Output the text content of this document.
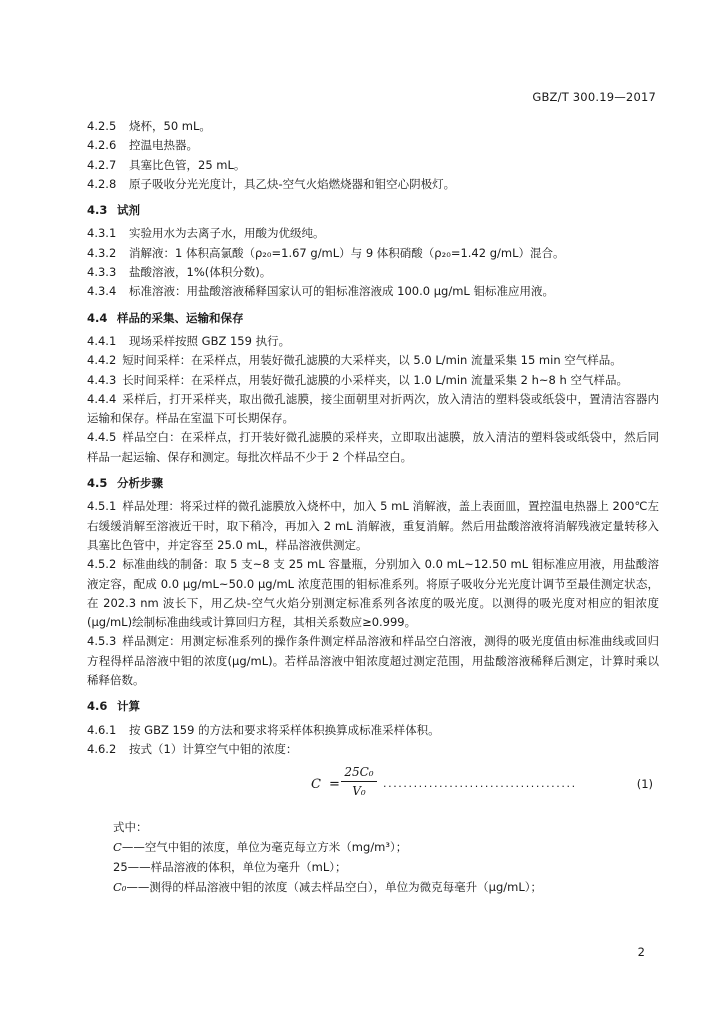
GBZ/T 300.19—2017
4.2.5 烧杯，50 mL。
4.2.6 控温电热器。
4.2.7 具塞比色管，25 mL。
4.2.8 原子吸收分光光度计，具乙炔-空气火焰燃烧器和钼空心阴极灯。
4.3 试剂
4.3.1 实验用水为去离子水，用酸为优级纯。
4.3.2 消解液：1 体积高氯酸（ρ₂₀=1.67 g/mL）与 9 体积硝酸（ρ₂₀=1.42 g/mL）混合。
4.3.3 盐酸溶液，1%(体积分数)。
4.3.4 标准溶液：用盐酸溶液稀释国家认可的钼标准溶液成 100.0 μg/mL 钼标准应用液。
4.4 样品的采集、运输和保存
4.4.1 现场采样按照 GBZ 159 执行。

4.4.2 短时间采样：在采样点，用装好微孔滤膜的大采样夹，以 5.0 L/min 流量采集 15 min 空气样品。

4.4.3 长时间采样：在采样点，用装好微孔滤膜的小采样夹，以 1.0 L/min 流量采集 2 h~8 h 空气样品。

4.4.4 采样后，打开采样夹，取出微孔滤膜，接尘面朝里对折两次，放入清洁的塑料袋或纸袋中，置清洁容器内运输和保存。样品在室温下可长期保存。

4.4.5 样品空白：在采样点，打开装好微孔滤膜的采样夹，立即取出滤膜，放入清洁的塑料袋或纸袋中，然后同样品一起运输、保存和测定。每批次样品不少于 2 个样品空白。

4.5 分析步骤

4.5.1 样品处理：将采过样的微孔滤膜放入烧杯中，加入 5 mL 消解液，盖上表面皿，置控温电热器上 200℃左右缓缓消解至溶液近干时，取下稍冷，再加入 2 mL 消解液，重复消解。然后用盐酸溶液将消解残液定量转移入具塞比色管中，并定容至 25.0 mL，样品溶液供测定。

4.5.2 标准曲线的制备：取 5 支~8 支 25 mL 容量瓶，分别加入 0.0 mL~12.50 mL 钼标准应用液，用盐酸溶液定容，配成 0.0 μg/mL~50.0 μg/mL 浓度范围的钼标准系列。将原子吸收分光光度计调节至最佳测定状态，在 202.3 nm 波长下，用乙炔-空气火焰分别测定标准系列各浓度的吸光度。以测得的吸光度对相应的钼浓度(μg/mL)绘制标准曲线或计算回归方程，其相关系数应≥0.999。

4.5.3 样品测定：用测定标准系列的操作条件测定样品溶液和样品空白溶液，测得的吸光度值由标准曲线或回归方程得样品溶液中钼的浓度(μg/mL)。若样品溶液中钼浓度超过测定范围，用盐酸溶液稀释后测定，计算时乘以稀释倍数。

4.6 计算
4.6.1 按 GBZ 159 的方法和要求将采样体积换算成标准采样体积。
4.6.2 按式（1）计算空气中钼的浓度：
$C = \frac{\text{25C₀}}{\text{V₀}}$ ......................................	(1)
式中：
C——空气中钼的浓度，单位为毫克每立方米（mg/m³）；
25——样品溶液的体积，单位为毫升（mL）；
C₀——测得的样品溶液中钼的浓度（减去样品空白），单位为微克每毫升（μg/mL）；
2
